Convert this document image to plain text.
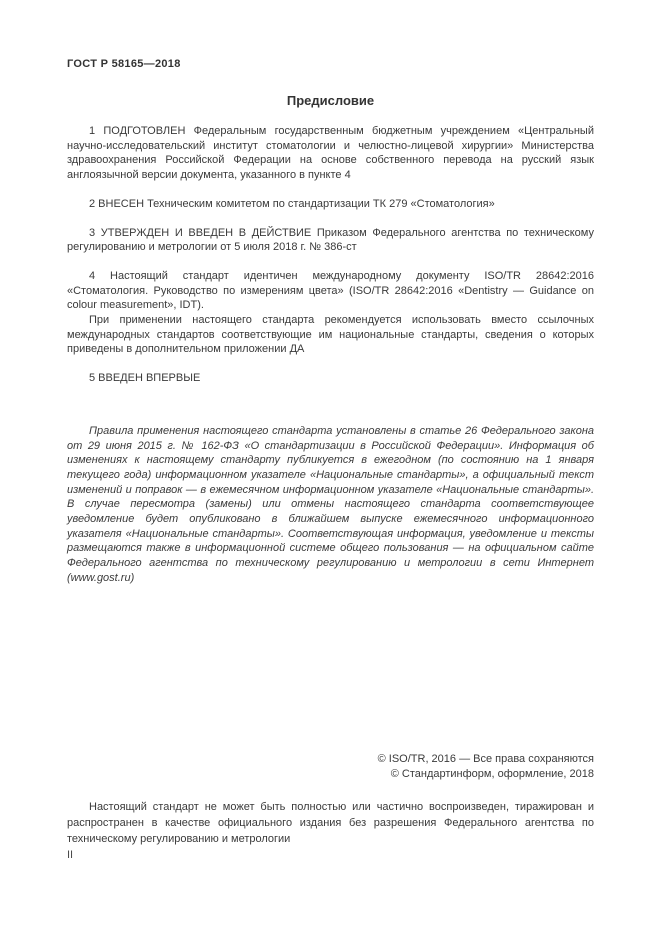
ГОСТ Р 58165—2018
Предисловие

1 ПОДГОТОВЛЕН Федеральным государственным бюджетным учреждением «Центральный научно-исследовательский институт стоматологии и челюстно-лицевой хирургии» Министерства здравоохранения Российской Федерации на основе собственного перевода на русский язык англоязычной версии документа, указанного в пункте 4

2 ВНЕСЕН Техническим комитетом по стандартизации ТК 279 «Стоматология»

3 УТВЕРЖДЕН И ВВЕДЕН В ДЕЙСТВИЕ Приказом Федерального агентства по техническому регулированию и метрологии от 5 июля 2018 г. № 386-ст

4 Настоящий стандарт идентичен международному документу ISO/TR 28642:2016 «Стоматология. Руководство по измерениям цвета» (ISO/TR 28642:2016 «Dentistry — Guidance on colour measurement», IDT).

При применении настоящего стандарта рекомендуется использовать вместо ссылочных международных стандартов соответствующие им национальные стандарты, сведения о которых приведены в дополнительном приложении ДА

5 ВВЕДЕН ВПЕРВЫЕ

Правила применения настоящего стандарта установлены в статье 26 Федерального закона от 29 июня 2015 г. № 162-ФЗ «О стандартизации в Российской Федерации». Информация об изменениях к настоящему стандарту публикуется в ежегодном (по состоянию на 1 января текущего года) информационном указателе «Национальные стандарты», а официальный текст изменений и поправок — в ежемесячном информационном указателе «Национальные стандарты». В случае пересмотра (замены) или отмены настоящего стандарта соответствующее уведомление будет опубликовано в ближайшем выпуске ежемесячного информационного указателя «Национальные стандарты». Соответствующая информация, уведомление и тексты размещаются также в информационной системе общего пользования — на официальном сайте Федерального агентства по техническому регулированию и метрологии в сети Интернет (www.gost.ru)

© ISO/TR, 2016 — Все права сохраняются
© Стандартинформ, оформление, 2018

Настоящий стандарт не может быть полностью или частично воспроизведен, тиражирован и распространен в качестве официального издания без разрешения Федерального агентства по техническому регулированию и метрологии

II
